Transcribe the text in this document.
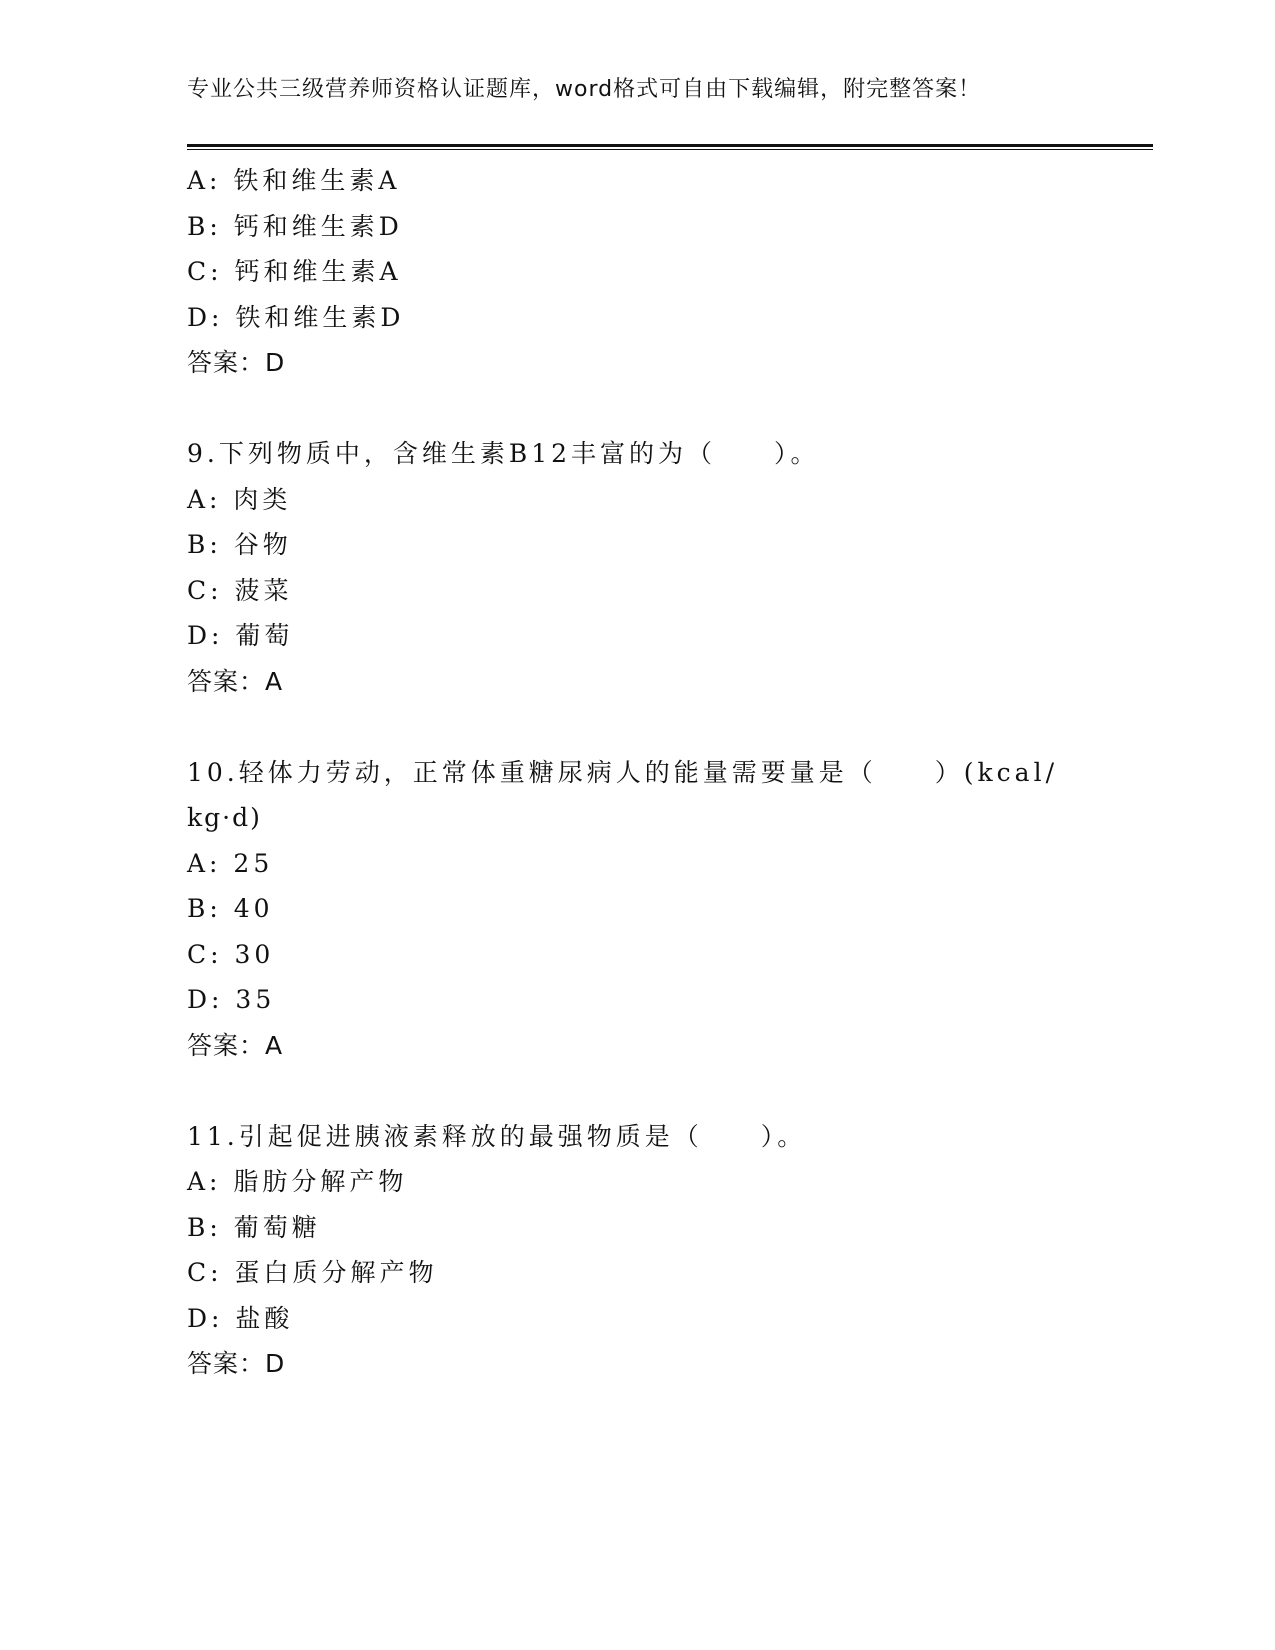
专业公共三级营养师资格认证题库，word格式可自由下载编辑，附完整答案！
A: 铁和维生素A
B: 钙和维生素D
C: 钙和维生素A
D: 铁和维生素D
答案：D
9.下列物质中，含维生素B12丰富的为（　　）。
A: 肉类
B: 谷物
C: 菠菜
D: 葡萄
答案：A
10.轻体力劳动，正常体重糖尿病人的能量需要量是（　　）(kcal/
kg·d)
A: 25
B: 40
C: 30
D: 35
答案：A
11.引起促进胰液素释放的最强物质是（　　）。
A: 脂肪分解产物
B: 葡萄糖
C: 蛋白质分解产物
D: 盐酸
答案：D
